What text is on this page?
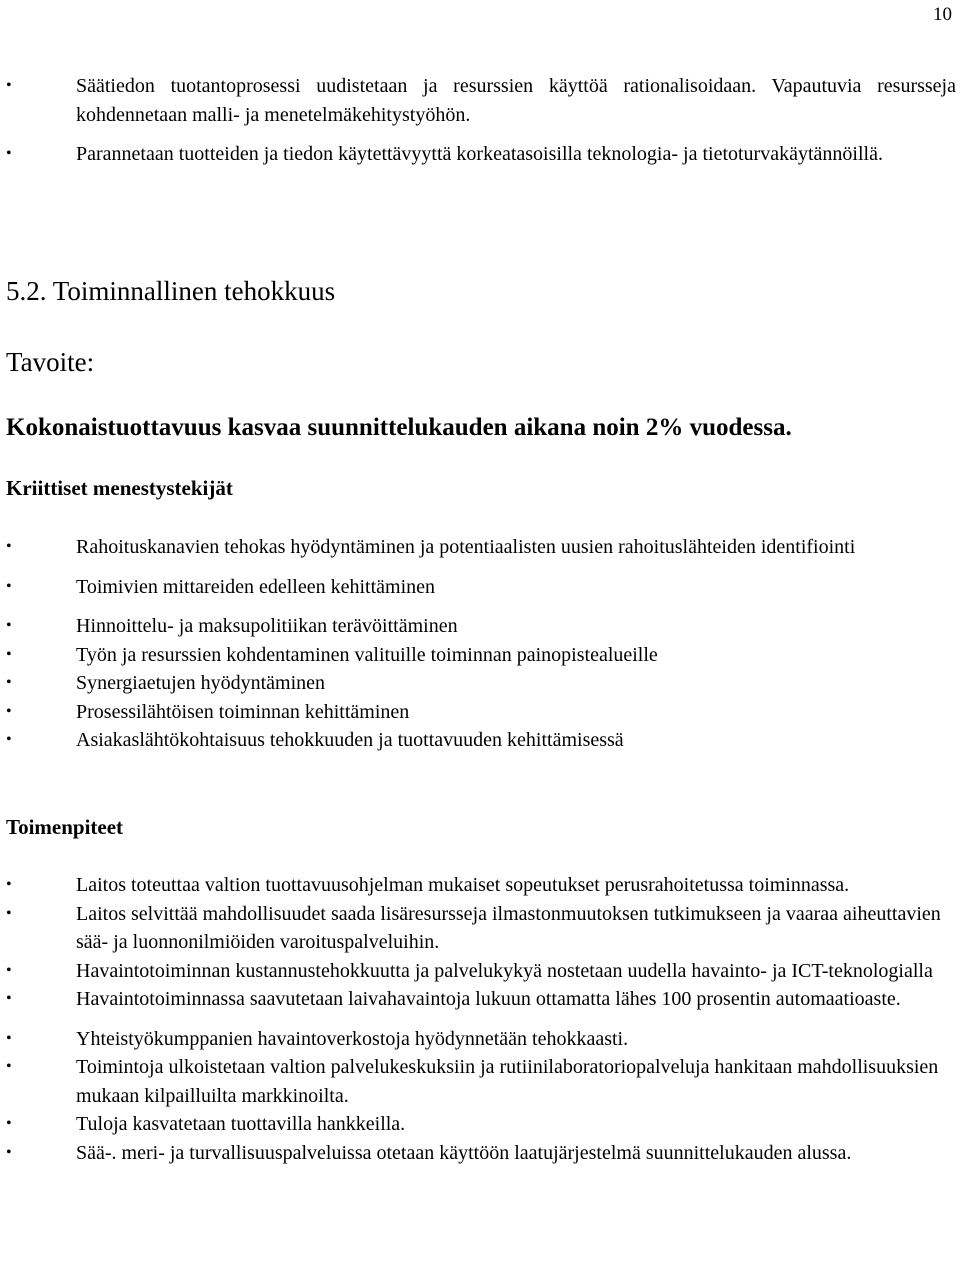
10
•	Säätiedon tuotantoprosessi uudistetaan ja resurssien käyttöä rationalisoidaan. Vapautuvia resursseja kohdennetaan malli- ja menetelmäkehitystyöhön.
•	Parannetaan tuotteiden ja tiedon käytettävyyttä korkeatasoisilla teknologia- ja tietoturvakäytännöillä.
5.2. Toiminnallinen tehokkuus
Tavoite:

Kokonaistuottavuus kasvaa suunnittelukauden aikana noin 2% vuodessa.

Kriittiset menestystekijät
•	Rahoituskanavien tehokas hyödyntäminen ja potentiaalisten uusien rahoituslähteiden identifiointi
•	Toimivien mittareiden edelleen kehittäminen
•	Hinnoittelu- ja maksupolitiikan terävöittäminen
•	Työn ja resurssien kohdentaminen valituille toiminnan painopistealueille
•	Synergiaetujen hyödyntäminen
•	Prosessilähtöisen toiminnan kehittäminen
•	Asiakaslähtökohtaisuus tehokkuuden ja tuottavuuden kehittämisessä
Toimenpiteet
•	Laitos toteuttaa valtion tuottavuusohjelman mukaiset sopeutukset perusrahoitetussa toiminnassa.
•	Laitos selvittää mahdollisuudet saada lisäresursseja ilmastonmuutoksen tutkimukseen ja vaaraa aiheuttavien sää- ja luonnonilmiöiden varoituspalveluihin.
•	Havaintotoiminnan kustannustehokkuutta ja palvelukykyä nostetaan uudella havainto- ja ICT-teknologialla
•	Havaintotoiminnassa saavutetaan laivahavaintoja lukuun ottamatta lähes 100 prosentin automaatioaste.
•	Yhteistyökumppanien havaintoverkostoja hyödynnetään tehokkaasti.
•	Toimintoja ulkoistetaan valtion palvelukeskuksiin ja rutiinilaboratoriopalveluja hankitaan mahdollisuuksien mukaan kilpailluilta markkinoilta.
•	Tuloja kasvatetaan tuottavilla hankkeilla.
•	Sää-. meri- ja turvallisuuspalveluissa otetaan käyttöön laatujärjestelmä suunnittelukauden alussa.
